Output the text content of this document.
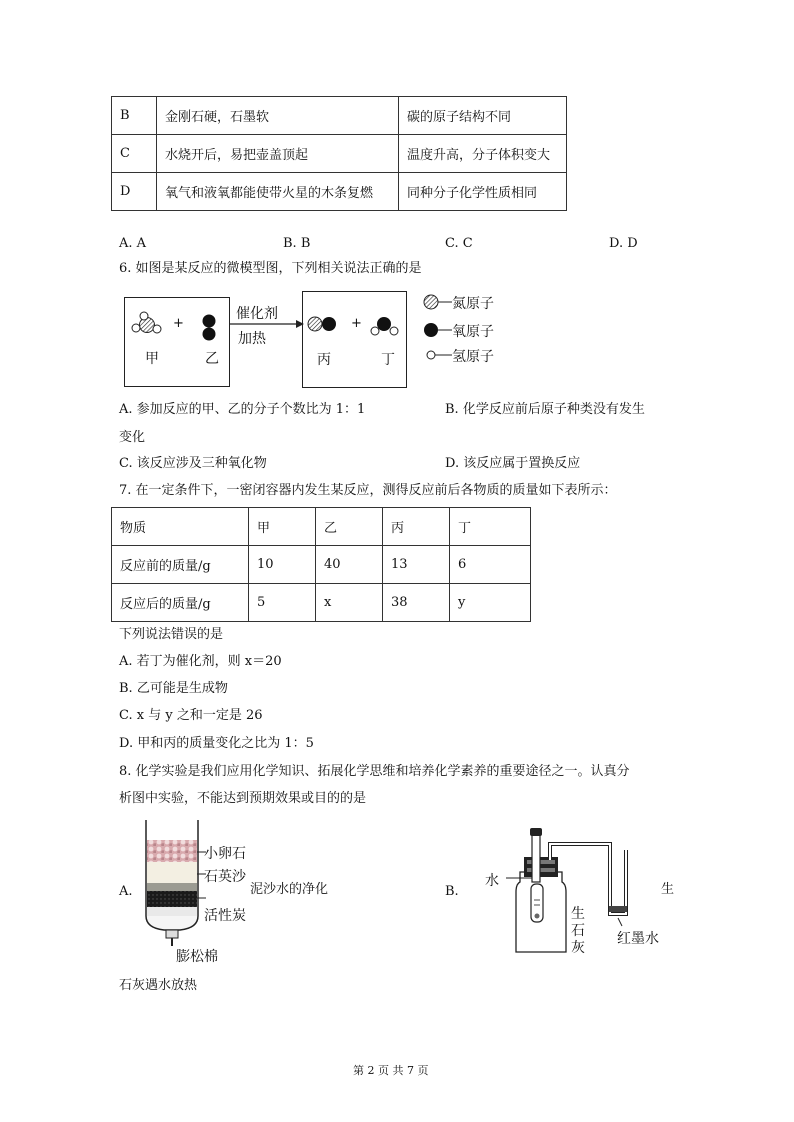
B	金刚石硬，石墨软	碳的原子结构不同
C	水烧开后，易把壶盖顶起	温度升高，分子体积变大
D	氧气和液氧都能使带火星的木条复燃	同种分子化学性质相同
A. A	B. B	C. C	D. D
6. 如图是某反应的微模型图，下列相关说法正确的是
+
甲	乙
催化剂
加热
+
丙	丁
氮原子
氧原子
氢原子
A. 参加反应的甲、乙的分子个数比为 1：1	B. 化学反应前后原子种类没有发生
变化
C. 该反应涉及三种氧化物	D. 该反应属于置换反应
7. 在一定条件下，一密闭容器内发生某反应，测得反应前后各物质的质量如下表所示：
物质	甲	乙	丙	丁
反应前的质量/g	10	40	13	6
反应后的质量/g	5	x	38	y
下列说法错误的是
A. 若丁为催化剂，则 x＝20
B. 乙可能是生成物
C. x 与 y 之和一定是 26
D. 甲和丙的质量变化之比为 1：5
8. 化学实验是我们应用化学知识、拓展化学思维和培养化学素养的重要途径之一。认真分
析图中实验，不能达到预期效果或目的的是
A.
小卵石
石英沙
活性炭
膨松棉
泥沙水的净化	B.
水
生
石
灰
红墨水
生
石灰遇水放热
第 2 页 共 7 页
